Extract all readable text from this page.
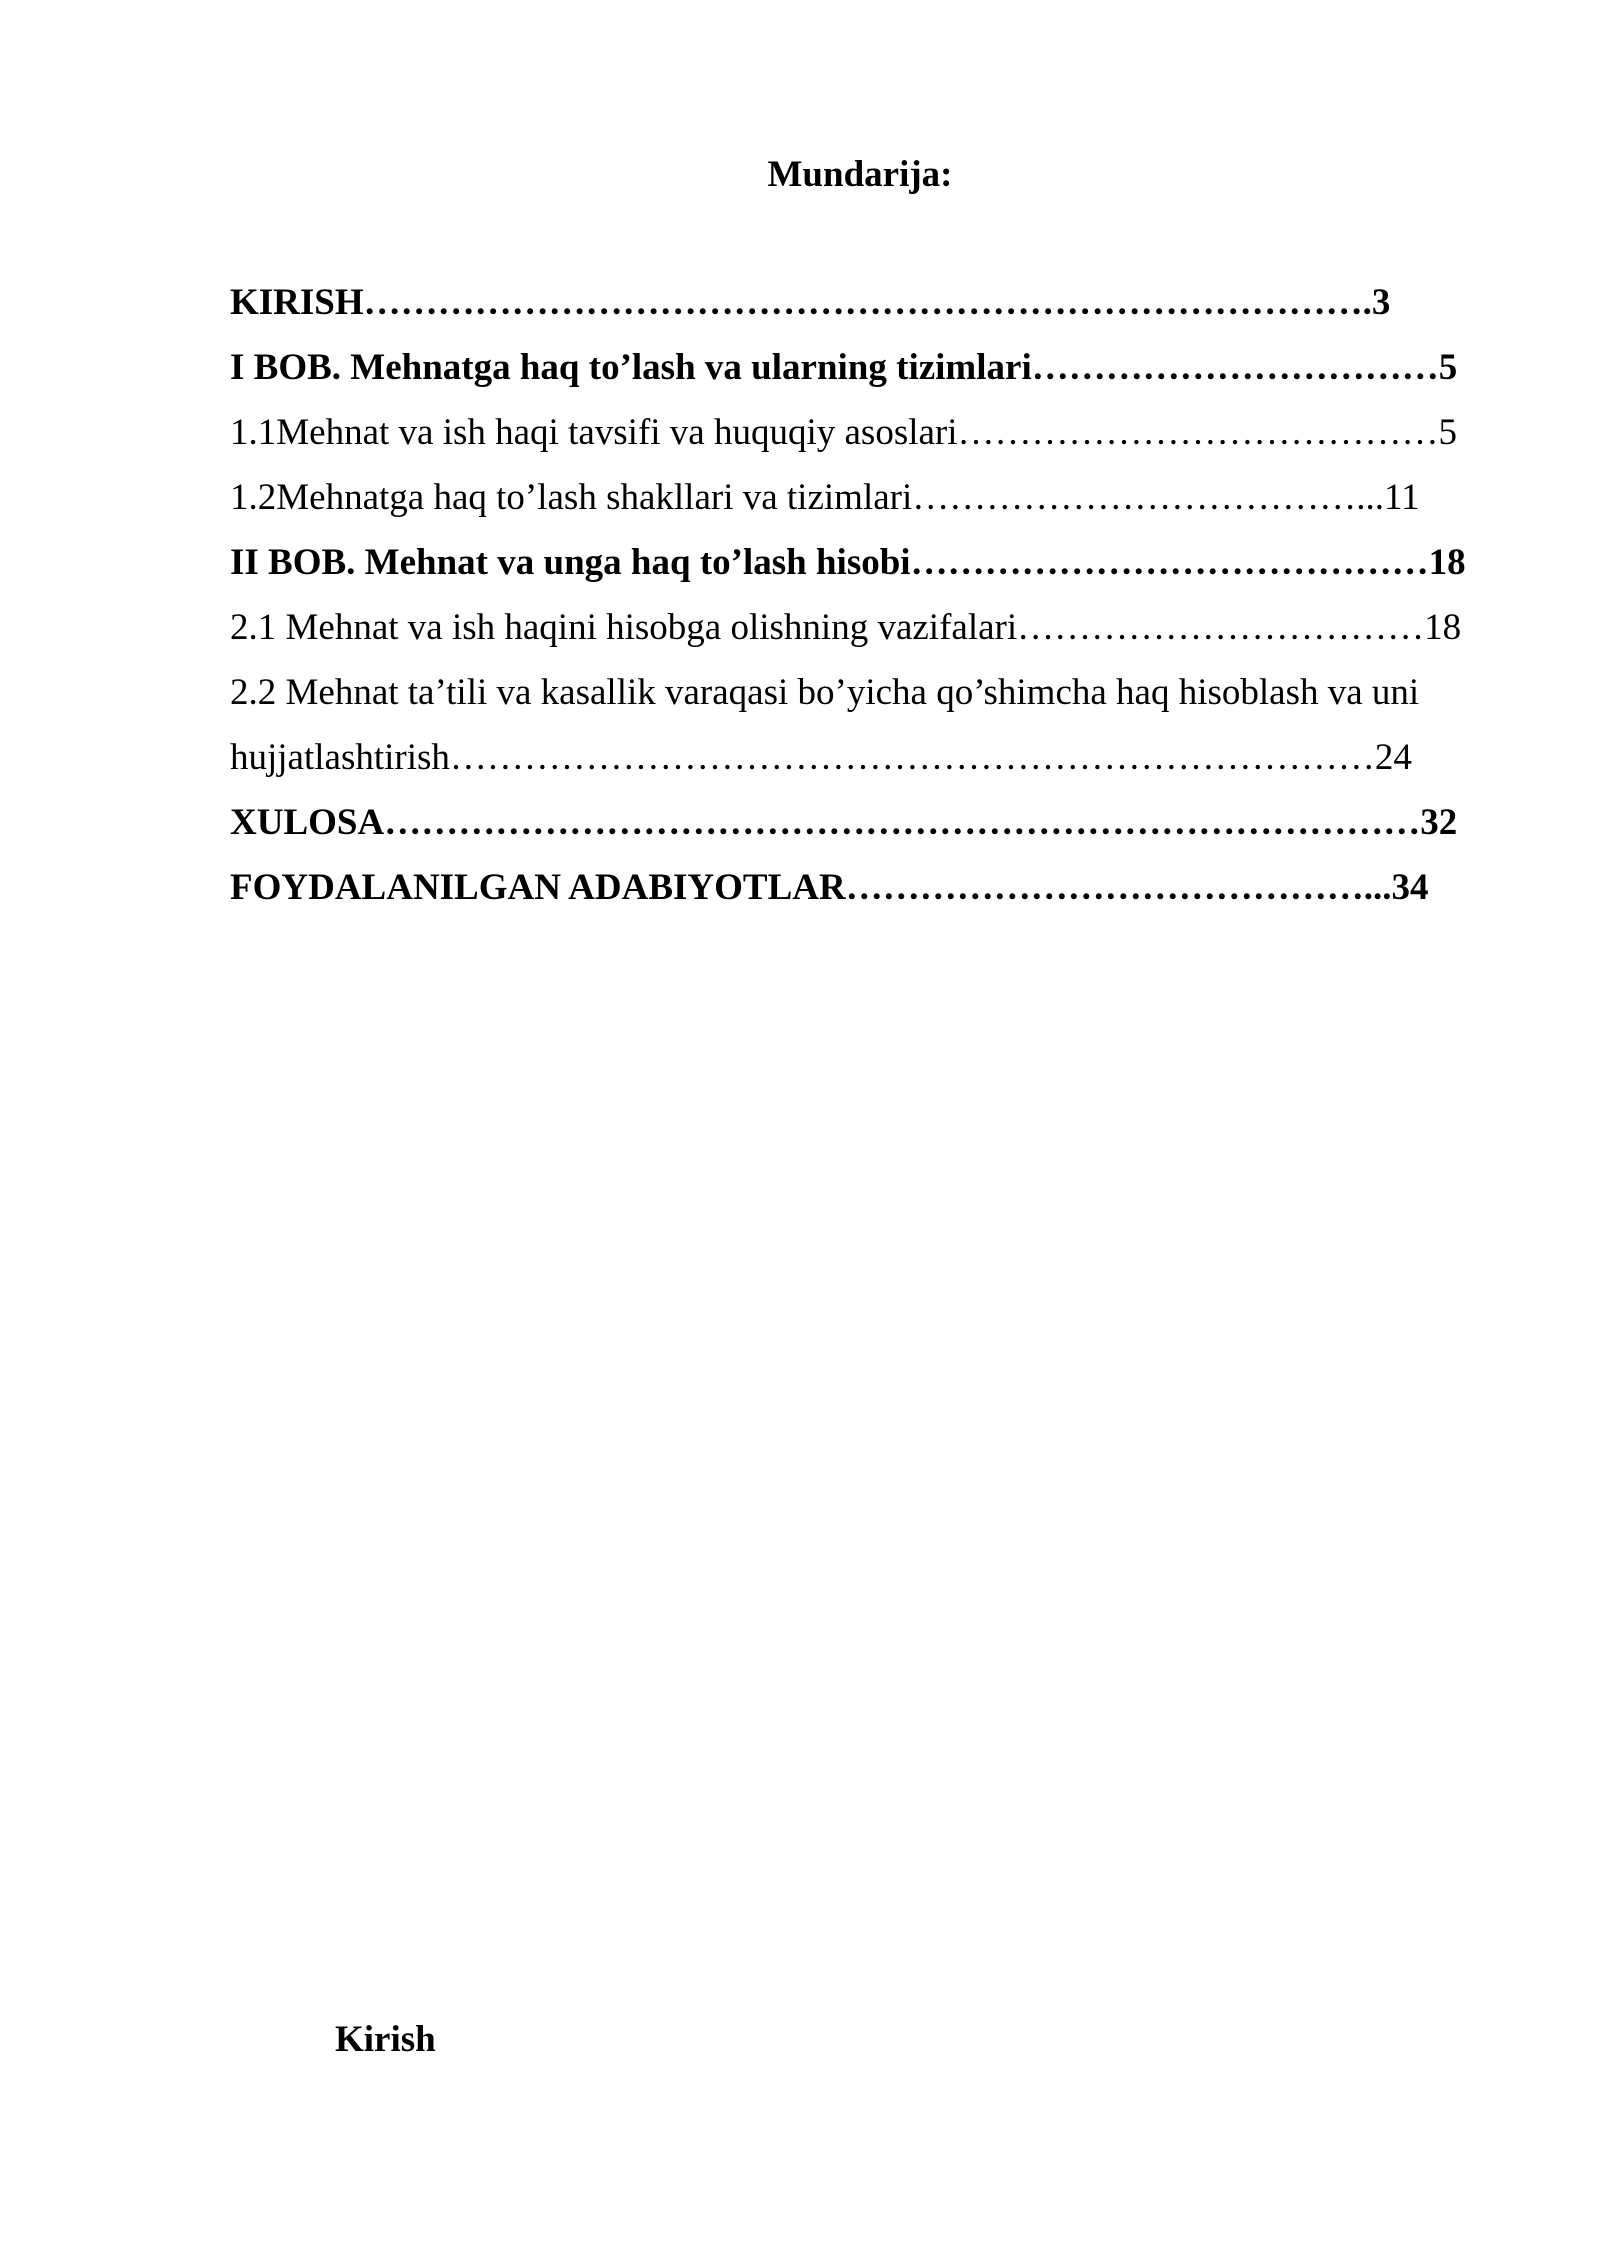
Mundarija:
KIRISH……………………………………………………………………….3
I BOB. Mehnatga haq to’lash va ularning tizimlari……………………………5
1.1Mehnat va ish haqi tavsifi va huquqiy asoslari…………………………………5
1.2Mehnatga haq to’lash shakllari va tizimlari………………………………...11
II BOB. Mehnat va unga haq to’lash hisobi……………………………………18
2.1 Mehnat va ish haqini hisobga olishning vazifalari……………………………18
2.2 Mehnat ta’tili va kasallik varaqasi bo’yicha qo’shimcha haq hisoblash va uni
hujjatlashtirish…………………………………………………………………24
XULOSA…………………………………………………………………………32
FOYDALANILGAN ADABIYOTLAR……………………………………...34
Kirish
